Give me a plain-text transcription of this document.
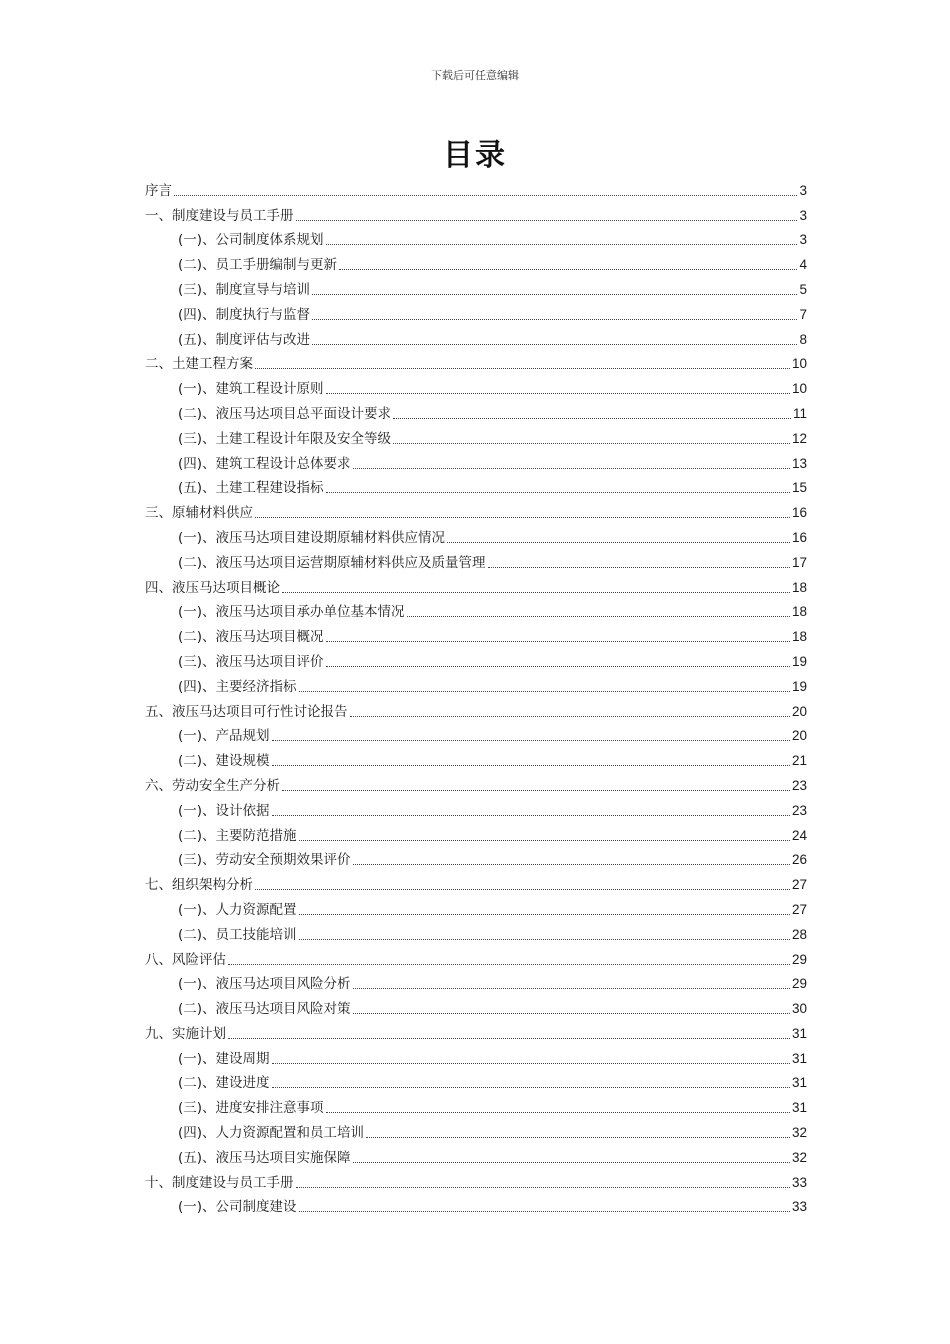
下载后可任意编辑
目录
序言	3
一、制度建设与员工手册	3
(一)、公司制度体系规划	3
(二)、员工手册编制与更新	4
(三)、制度宣导与培训	5
(四)、制度执行与监督	7
(五)、制度评估与改进	8
二、土建工程方案	10
(一)、建筑工程设计原则	10
(二)、液压马达项目总平面设计要求	11
(三)、土建工程设计年限及安全等级	12
(四)、建筑工程设计总体要求	13
(五)、土建工程建设指标	15
三、原辅材料供应	16
(一)、液压马达项目建设期原辅材料供应情况	16
(二)、液压马达项目运营期原辅材料供应及质量管理	17
四、液压马达项目概论	18
(一)、液压马达项目承办单位基本情况	18
(二)、液压马达项目概况	18
(三)、液压马达项目评价	19
(四)、主要经济指标	19
五、液压马达项目可行性讨论报告	20
(一)、产品规划	20
(二)、建设规模	21
六、劳动安全生产分析	23
(一)、设计依据	23
(二)、主要防范措施	24
(三)、劳动安全预期效果评价	26
七、组织架构分析	27
(一)、人力资源配置	27
(二)、员工技能培训	28
八、风险评估	29
(一)、液压马达项目风险分析	29
(二)、液压马达项目风险对策	30
九、实施计划	31
(一)、建设周期	31
(二)、建设进度	31
(三)、进度安排注意事项	31
(四)、人力资源配置和员工培训	32
(五)、液压马达项目实施保障	32
十、制度建设与员工手册	33
(一)、公司制度建设	33
